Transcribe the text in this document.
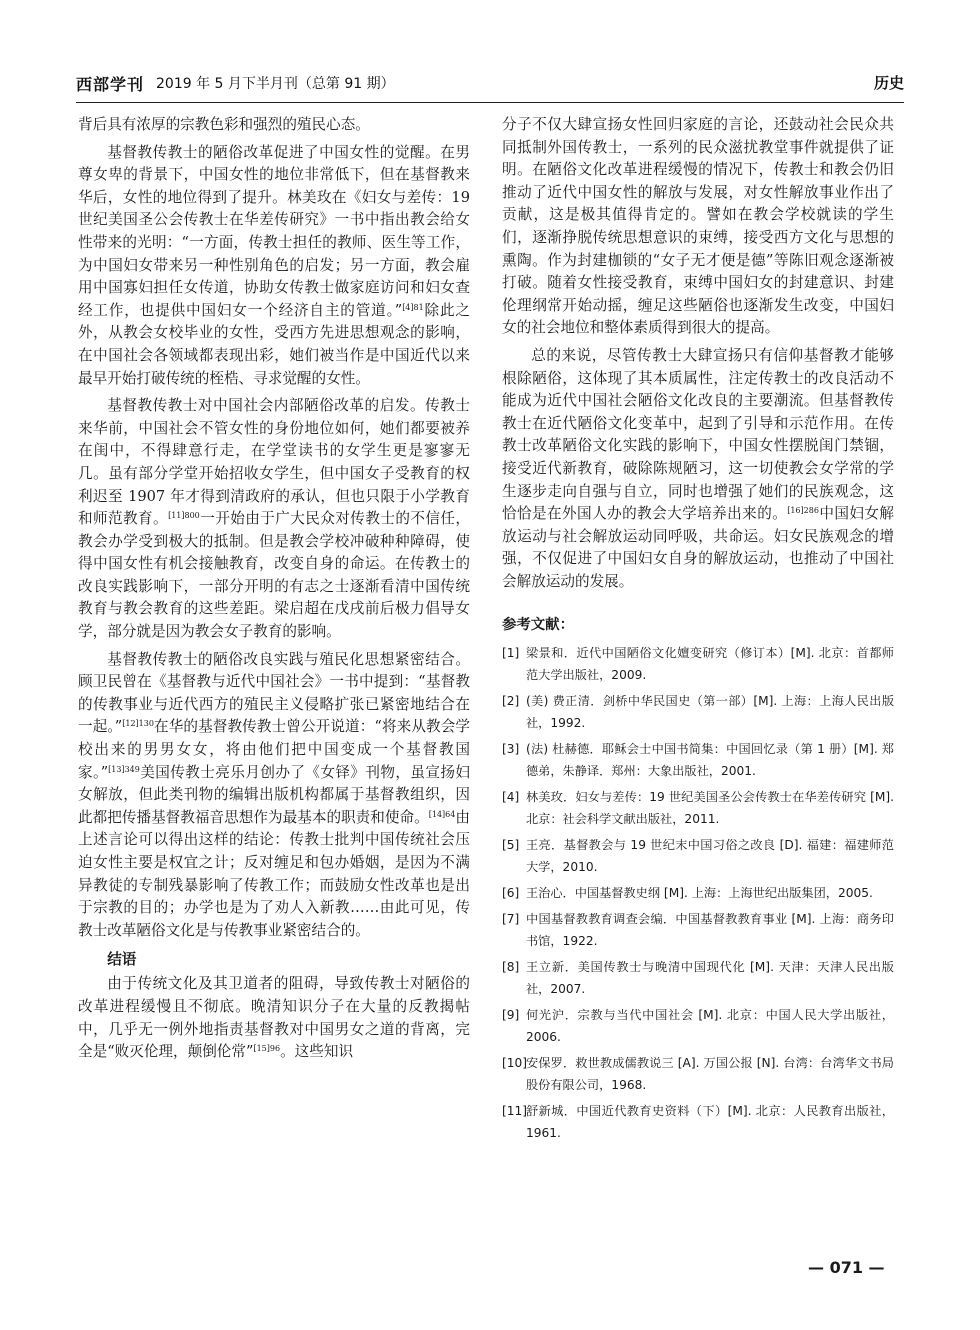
西部学刊 2019 年 5 月下半月刊（总第 91 期）	历史

背后具有浓厚的宗教色彩和强烈的殖民心态。

基督教传教士的陋俗改革促进了中国女性的觉醒。在男尊女卑的背景下，中国女性的地位非常低下，但在基督教来华后，女性的地位得到了提升。林美玫在《妇女与差传：19 世纪美国圣公会传教士在华差传研究》一书中指出教会给女性带来的光明：“一方面，传教士担任的教师、医生等工作，为中国妇女带来另一种性别角色的启发；另一方面，教会雇用中国寡妇担任女传道，协助女传教士做家庭访问和妇女查经工作，也提供中国妇女一个经济自主的管道。”$^{[4]81}$除此之外，从教会女校毕业的女性，受西方先进思想观念的影响，在中国社会各领域都表现出彩，她们被当作是中国近代以来最早开始打破传统的桎梏、寻求觉醒的女性。

基督教传教士对中国社会内部陋俗改革的启发。传教士来华前，中国社会不管女性的身份地位如何，她们都要被养在闺中，不得肆意行走，在学堂读书的女学生更是寥寥无几。虽有部分学堂开始招收女学生，但中国女子受教育的权利迟至 1907 年才得到清政府的承认，但也只限于小学教育和师范教育。$^{[11]800}$一开始由于广大民众对传教士的不信任，教会办学受到极大的抵制。但是教会学校冲破种种障碍，使得中国女性有机会接触教育，改变自身的命运。在传教士的改良实践影响下，一部分开明的有志之士逐渐看清中国传统教育与教会教育的这些差距。梁启超在戊戌前后极力倡导女学，部分就是因为教会女子教育的影响。

基督教传教士的陋俗改良实践与殖民化思想紧密结合。顾卫民曾在《基督教与近代中国社会》一书中提到：“基督教的传教事业与近代西方的殖民主义侵略扩张已紧密地结合在一起。”$^{[12]130}$在华的基督教传教士曾公开说道：“将来从教会学校出来的男男女女，将由他们把中国变成一个基督教国家。”$^{[13]349}$美国传教士亮乐月创办了《女铎》刊物，虽宣扬妇女解放，但此类刊物的编辑出版机构都属于基督教组织，因此都把传播基督教福音思想作为最基本的职责和使命。$^{[14]64}$由上述言论可以得出这样的结论：传教士批判中国传统社会压迫女性主要是权宜之计；反对缠足和包办婚姻，是因为不满异教徒的专制残暴影响了传教工作；而鼓励女性改革也是出于宗教的目的；办学也是为了劝人入新教……由此可见，传教士改革陋俗文化是与传教事业紧密结合的。

结语

由于传统文化及其卫道者的阻碍，导致传教士对陋俗的改革进程缓慢且不彻底。晚清知识分子在大量的反教揭帖中，几乎无一例外地指责基督教对中国男女之道的背离，完全是“败灭伦理，颠倒伦常”$^{[15]96}$。这些知识

分子不仅大肆宣扬女性回归家庭的言论，还鼓动社会民众共同抵制外国传教士，一系列的民众滋扰教堂事件就提供了证明。在陋俗文化改革进程缓慢的情况下，传教士和教会仍旧推动了近代中国女性的解放与发展，对女性解放事业作出了贡献，这是极其值得肯定的。譬如在教会学校就读的学生们，逐渐挣脱传统思想意识的束缚，接受西方文化与思想的熏陶。作为封建枷锁的“女子无才便是德”等陈旧观念逐渐被打破。随着女性接受教育，束缚中国妇女的封建意识、封建伦理纲常开始动摇，缠足这些陋俗也逐渐发生改变，中国妇女的社会地位和整体素质得到很大的提高。

总的来说，尽管传教士大肆宣扬只有信仰基督教才能够根除陋俗，这体现了其本质属性，注定传教士的改良活动不能成为近代中国社会陋俗文化改良的主要潮流。但基督教传教士在近代陋俗文化变革中，起到了引导和示范作用。在传教士改革陋俗文化实践的影响下，中国女性摆脱闺门禁锢，接受近代新教育，破除陈规陋习，这一切使教会女学常的学生逐步走向自强与自立，同时也增强了她们的民族观念，这恰恰是在外国人办的教会大学培养出来的。$^{[16]286}$中国妇女解放运动与社会解放运动同呼吸，共命运。妇女民族观念的增强，不仅促进了中国妇女自身的解放运动，也推动了中国社会解放运动的发展。

参考文献：
[1] 梁景和．近代中国陋俗文化嬗变研究（修订本）[M]. 北京：首都师范大学出版社，2009.
[2] (美) 费正清．剑桥中华民国史（第一部）[M]. 上海：上海人民出版社，1992.
[3] (法) 杜赫德．耶稣会士中国书简集：中国回忆录（第 1 册）[M]. 郑德弟，朱静译．郑州：大象出版社，2001.
[4] 林美玫．妇女与差传：19 世纪美国圣公会传教士在华差传研究 [M]. 北京：社会科学文献出版社，2011.
[5] 王亮．基督教会与 19 世纪末中国习俗之改良 [D]. 福建：福建师范大学，2010.
[6] 王治心．中国基督教史纲 [M]. 上海：上海世纪出版集团，2005.
[7] 中国基督教教育调查会编．中国基督教教育事业 [M]. 上海：商务印书馆，1922.
[8] 王立新．美国传教士与晚清中国现代化 [M]. 天津：天津人民出版社，2007.
[9] 何光沪．宗教与当代中国社会 [M]. 北京：中国人民大学出版社，2006.
[10]
安保罗．救世教成儒教说三 [A]. 万国公报 [N]. 台湾：台湾华文书局股份有限公司，1968.
[11]
舒新城．中国近代教育史资料（下）[M]. 北京：人民教育出版社，1961.
— 071 —
